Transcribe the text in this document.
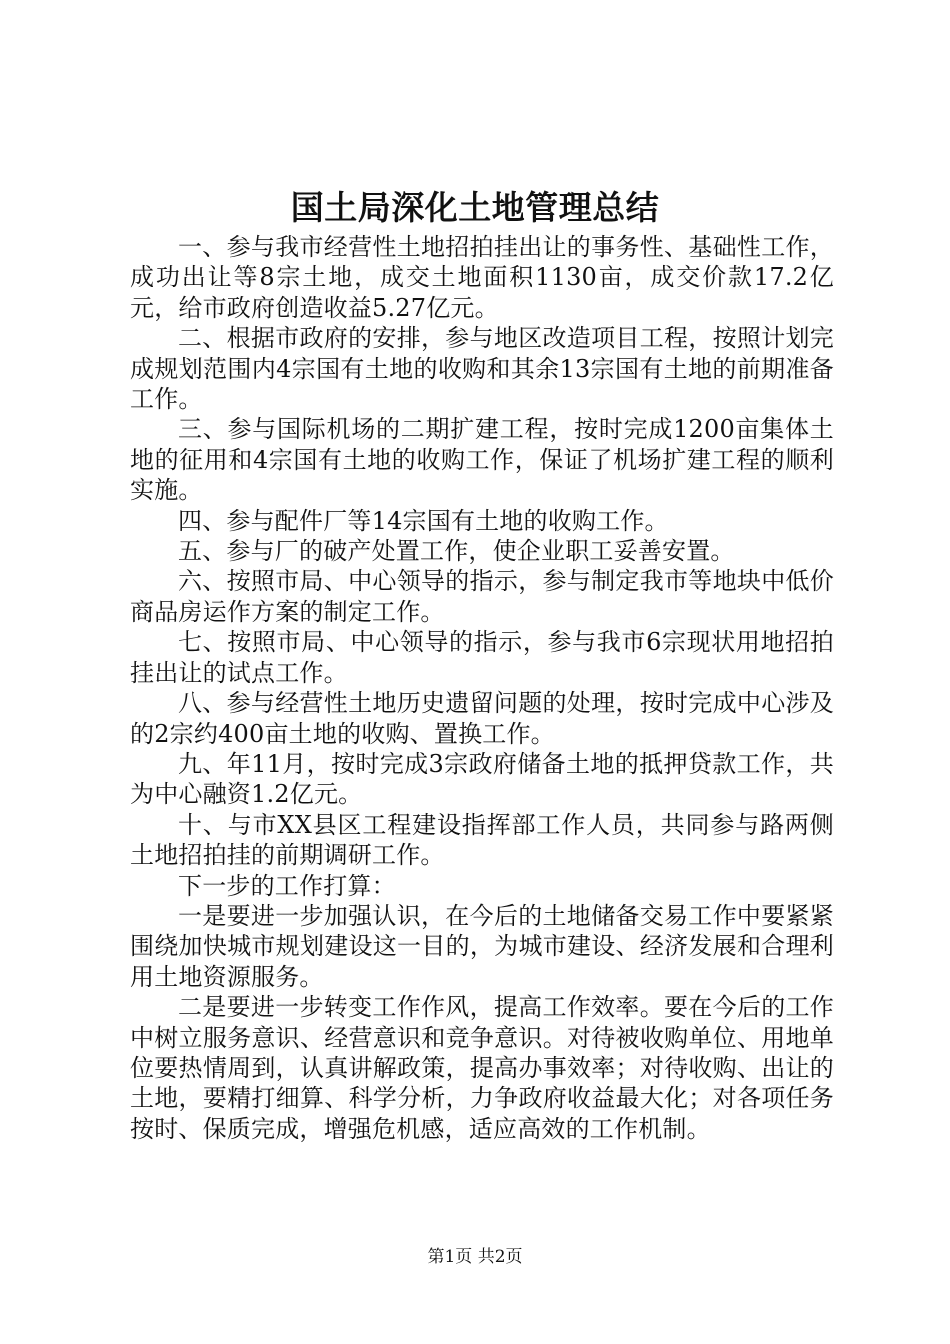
国土局深化土地管理总结

一、参与我市经营性土地招拍挂出让的事务性、基础性工作，成功出让等8宗土地，成交土地面积1130亩，成交价款17.2亿元，给市政府创造收益5.27亿元。

二、根据市政府的安排，参与地区改造项目工程，按照计划完成规划范围内4宗国有土地的收购和其余13宗国有土地的前期准备工作。

三、参与国际机场的二期扩建工程，按时完成1200亩集体土地的征用和4宗国有土地的收购工作，保证了机场扩建工程的顺利实施。

四、参与配件厂等14宗国有土地的收购工作。

五、参与厂的破产处置工作，使企业职工妥善安置。

六、按照市局、中心领导的指示，参与制定我市等地块中低价商品房运作方案的制定工作。

七、按照市局、中心领导的指示，参与我市6宗现状用地招拍挂出让的试点工作。

八、参与经营性土地历史遗留问题的处理，按时完成中心涉及的2宗约400亩土地的收购、置换工作。

九、年11月，按时完成3宗政府储备土地的抵押贷款工作，共为中心融资1.2亿元。

十、与市XX县区工程建设指挥部工作人员，共同参与路两侧土地招拍挂的前期调研工作。

下一步的工作打算：

一是要进一步加强认识，在今后的土地储备交易工作中要紧紧围绕加快城市规划建设这一目的，为城市建设、经济发展和合理利用土地资源服务。

二是要进一步转变工作作风，提高工作效率。要在今后的工作中树立服务意识、经营意识和竞争意识。对待被收购单位、用地单位要热情周到，认真讲解政策，提高办事效率；对待收购、出让的土地，要精打细算、科学分析，力争政府收益最大化；对各项任务按时、保质完成，增强危机感，适应高效的工作机制。

第1页 共2页
